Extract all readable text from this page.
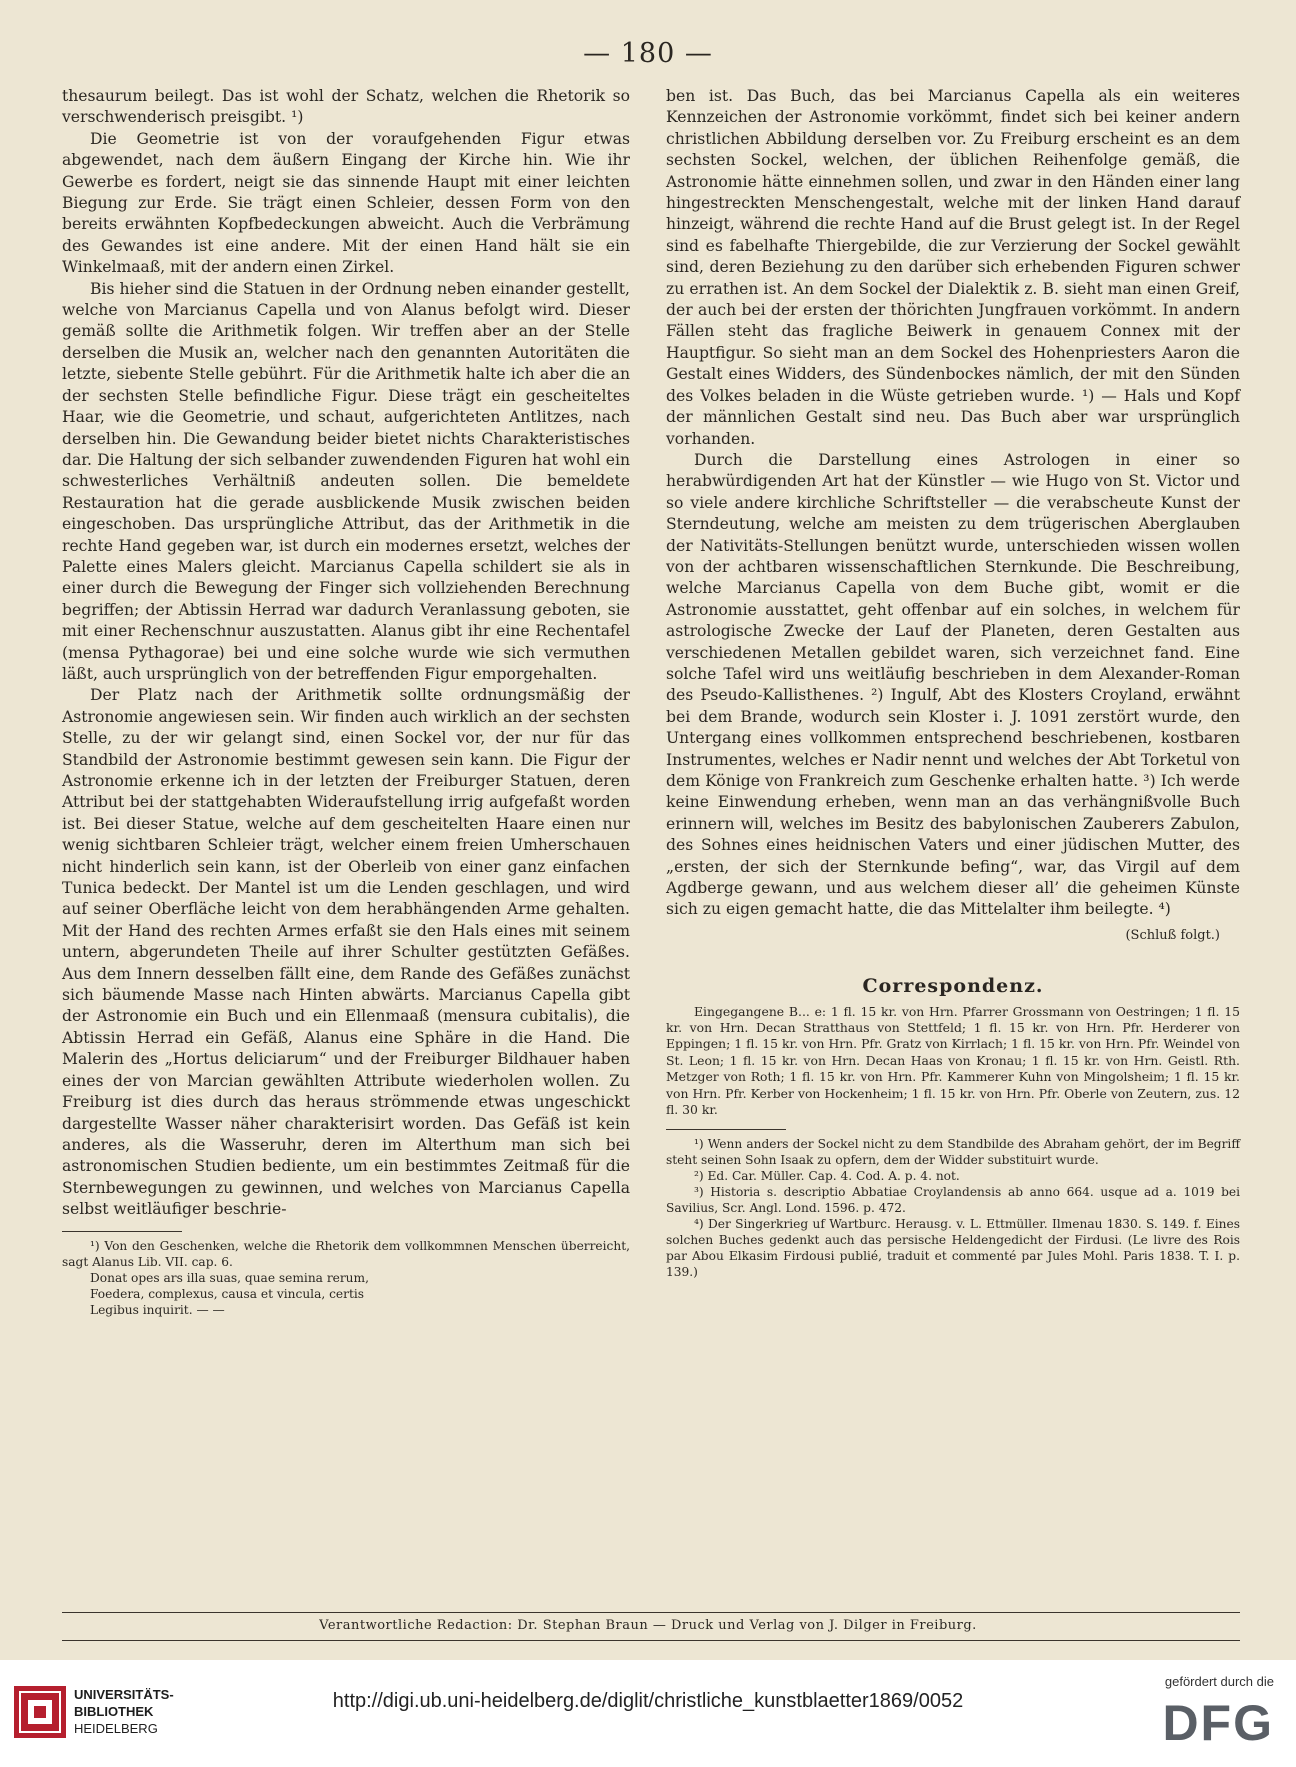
— 180 —

thesaurum beilegt. Das ist wohl der Schatz, welchen die Rhetorik so verschwenderisch preisgibt. ¹)

Die Geometrie ist von der voraufgehenden Figur etwas abgewendet, nach dem äußern Eingang der Kirche hin. Wie ihr Gewerbe es fordert, neigt sie das sinnende Haupt mit einer leichten Biegung zur Erde. Sie trägt einen Schleier, dessen Form von den bereits erwähnten Kopfbedeckungen abweicht. Auch die Verbrämung des Gewandes ist eine andere. Mit der einen Hand hält sie ein Winkelmaaß, mit der andern einen Zirkel.

Bis hieher sind die Statuen in der Ordnung neben einander gestellt, welche von Marcianus Capella und von Alanus befolgt wird. Dieser gemäß sollte die Arithmetik folgen. Wir treffen aber an der Stelle derselben die Musik an, welcher nach den genannten Autoritäten die letzte, siebente Stelle gebührt. Für die Arithmetik halte ich aber die an der sechsten Stelle befindliche Figur. Diese trägt ein gescheiteltes Haar, wie die Geometrie, und schaut, aufgerichteten Antlitzes, nach derselben hin. Die Gewandung beider bietet nichts Charakteristisches dar. Die Haltung der sich selbander zuwendenden Figuren hat wohl ein schwesterliches Verhältniß andeuten sollen. Die bemeldete Restauration hat die gerade ausblickende Musik zwischen beiden eingeschoben. Das ursprüngliche Attribut, das der Arithmetik in die rechte Hand gegeben war, ist durch ein modernes ersetzt, welches der Palette eines Malers gleicht. Marcianus Capella schildert sie als in einer durch die Bewegung der Finger sich vollziehenden Berechnung begriffen; der Abtissin Herrad war dadurch Veranlassung geboten, sie mit einer Rechenschnur auszustatten. Alanus gibt ihr eine Rechentafel (mensa Pythagorae) bei und eine solche wurde wie sich vermuthen läßt, auch ursprünglich von der betreffenden Figur emporgehalten.

Der Platz nach der Arithmetik sollte ordnungsmäßig der Astronomie angewiesen sein. Wir finden auch wirklich an der sechsten Stelle, zu der wir gelangt sind, einen Sockel vor, der nur für das Standbild der Astronomie bestimmt gewesen sein kann. Die Figur der Astronomie erkenne ich in der letzten der Freiburger Statuen, deren Attribut bei der stattgehabten Wideraufstellung irrig aufgefaßt worden ist. Bei dieser Statue, welche auf dem gescheitelten Haare einen nur wenig sichtbaren Schleier trägt, welcher einem freien Umherschauen nicht hinderlich sein kann, ist der Oberleib von einer ganz einfachen Tunica bedeckt. Der Mantel ist um die Lenden geschlagen, und wird auf seiner Oberfläche leicht von dem herabhängenden Arme gehalten. Mit der Hand des rechten Armes erfaßt sie den Hals eines mit seinem untern, abgerundeten Theile auf ihrer Schulter gestützten Gefäßes. Aus dem Innern desselben fällt eine, dem Rande des Gefäßes zunächst sich bäumende Masse nach Hinten abwärts. Marcianus Capella gibt der Astronomie ein Buch und ein Ellenmaaß (mensura cubitalis), die Abtissin Herrad ein Gefäß, Alanus eine Sphäre in die Hand. Die Malerin des „Hortus deliciarum“ und der Freiburger Bildhauer haben eines der von Marcian gewählten Attribute wiederholen wollen. Zu Freiburg ist dies durch das heraus strömmende etwas ungeschickt dargestellte Wasser näher charakterisirt worden. Das Gefäß ist kein anderes, als die Wasseruhr, deren im Alterthum man sich bei astronomischen Studien bediente, um ein bestimmtes Zeitmaß für die Sternbewegungen zu gewinnen, und welches von Marcianus Capella selbst weitläufiger beschrie-

¹) Von den Geschenken, welche die Rhetorik dem vollkommnen Menschen überreicht, sagt Alanus Lib. VII. cap. 6.

Donat opes ars illa suas, quae semina rerum,

Foedera, complexus, causa et vincula, certis

Legibus inquirit. — —

ben ist. Das Buch, das bei Marcianus Capella als ein weiteres Kennzeichen der Astronomie vorkömmt, findet sich bei keiner andern christlichen Abbildung derselben vor. Zu Freiburg erscheint es an dem sechsten Sockel, welchen, der üblichen Reihenfolge gemäß, die Astronomie hätte einnehmen sollen, und zwar in den Händen einer lang hingestreckten Menschengestalt, welche mit der linken Hand darauf hinzeigt, während die rechte Hand auf die Brust gelegt ist. In der Regel sind es fabelhafte Thiergebilde, die zur Verzierung der Sockel gewählt sind, deren Beziehung zu den darüber sich erhebenden Figuren schwer zu errathen ist. An dem Sockel der Dialektik z. B. sieht man einen Greif, der auch bei der ersten der thörichten Jungfrauen vorkömmt. In andern Fällen steht das fragliche Beiwerk in genauem Connex mit der Hauptfigur. So sieht man an dem Sockel des Hohenpriesters Aaron die Gestalt eines Widders, des Sündenbockes nämlich, der mit den Sünden des Volkes beladen in die Wüste getrieben wurde. ¹) — Hals und Kopf der männlichen Gestalt sind neu. Das Buch aber war ursprünglich vorhanden.

Durch die Darstellung eines Astrologen in einer so herabwürdigenden Art hat der Künstler — wie Hugo von St. Victor und so viele andere kirchliche Schriftsteller — die verabscheute Kunst der Sterndeutung, welche am meisten zu dem trügerischen Aberglauben der Nativitäts-Stellungen benützt wurde, unterschieden wissen wollen von der achtbaren wissenschaftlichen Sternkunde. Die Beschreibung, welche Marcianus Capella von dem Buche gibt, womit er die Astronomie ausstattet, geht offenbar auf ein solches, in welchem für astrologische Zwecke der Lauf der Planeten, deren Gestalten aus verschiedenen Metallen gebildet waren, sich verzeichnet fand. Eine solche Tafel wird uns weitläufig beschrieben in dem Alexander-Roman des Pseudo-Kallisthenes. ²) Ingulf, Abt des Klosters Croyland, erwähnt bei dem Brande, wodurch sein Kloster i. J. 1091 zerstört wurde, den Untergang eines vollkommen entsprechend beschriebenen, kostbaren Instrumentes, welches er Nadir nennt und welches der Abt Torketul von dem Könige von Frankreich zum Geschenke erhalten hatte. ³) Ich werde keine Einwendung erheben, wenn man an das verhängnißvolle Buch erinnern will, welches im Besitz des babylonischen Zauberers Zabulon, des Sohnes eines heidnischen Vaters und einer jüdischen Mutter, des „ersten, der sich der Sternkunde befing“, war, das Virgil auf dem Agdberge gewann, und aus welchem dieser all’ die geheimen Künste sich zu eigen gemacht hatte, die das Mittelalter ihm beilegte. ⁴)

(Schluß folgt.)
Correspondenz.

Eingegangene B... e: 1 fl. 15 kr. von Hrn. Pfarrer Grossmann von Oestringen; 1 fl. 15 kr. von Hrn. Decan Stratthaus von Stettfeld; 1 fl. 15 kr. von Hrn. Pfr. Herderer von Eppingen; 1 fl. 15 kr. von Hrn. Pfr. Gratz von Kirrlach; 1 fl. 15 kr. von Hrn. Pfr. Weindel von St. Leon; 1 fl. 15 kr. von Hrn. Decan Haas von Kronau; 1 fl. 15 kr. von Hrn. Geistl. Rth. Metzger von Roth; 1 fl. 15 kr. von Hrn. Pfr. Kammerer Kuhn von Mingolsheim; 1 fl. 15 kr. von Hrn. Pfr. Kerber von Hockenheim; 1 fl. 15 kr. von Hrn. Pfr. Oberle von Zeutern, zus. 12 fl. 30 kr.

¹) Wenn anders der Sockel nicht zu dem Standbilde des Abraham gehört, der im Begriff steht seinen Sohn Isaak zu opfern, dem der Widder substituirt wurde.

²) Ed. Car. Müller. Cap. 4. Cod. A. p. 4. not.

³) Historia s. descriptio Abbatiae Croylandensis ab anno 664. usque ad a. 1019 bei Savilius, Scr. Angl. Lond. 1596. p. 472.

⁴) Der Singerkrieg uf Wartburc. Herausg. v. L. Ettmüller. Ilmenau 1830. S. 149. f. Eines solchen Buches gedenkt auch das persische Heldengedicht der Firdusi. (Le livre des Rois par Abou Elkasim Firdousi publié, traduit et commenté par Jules Mohl. Paris 1838. T. I. p. 139.)

Verantwortliche Redaction: Dr. Stephan Braun — Druck und Verlag von J. Dilger in Freiburg.
UNIVERSITÄTS-
BIBLIOTHEK
HEIDELBERG
http://digi.ub.uni-heidelberg.de/diglit/christliche_kunstblaetter1869/0052
gefördert durch die
DFG
